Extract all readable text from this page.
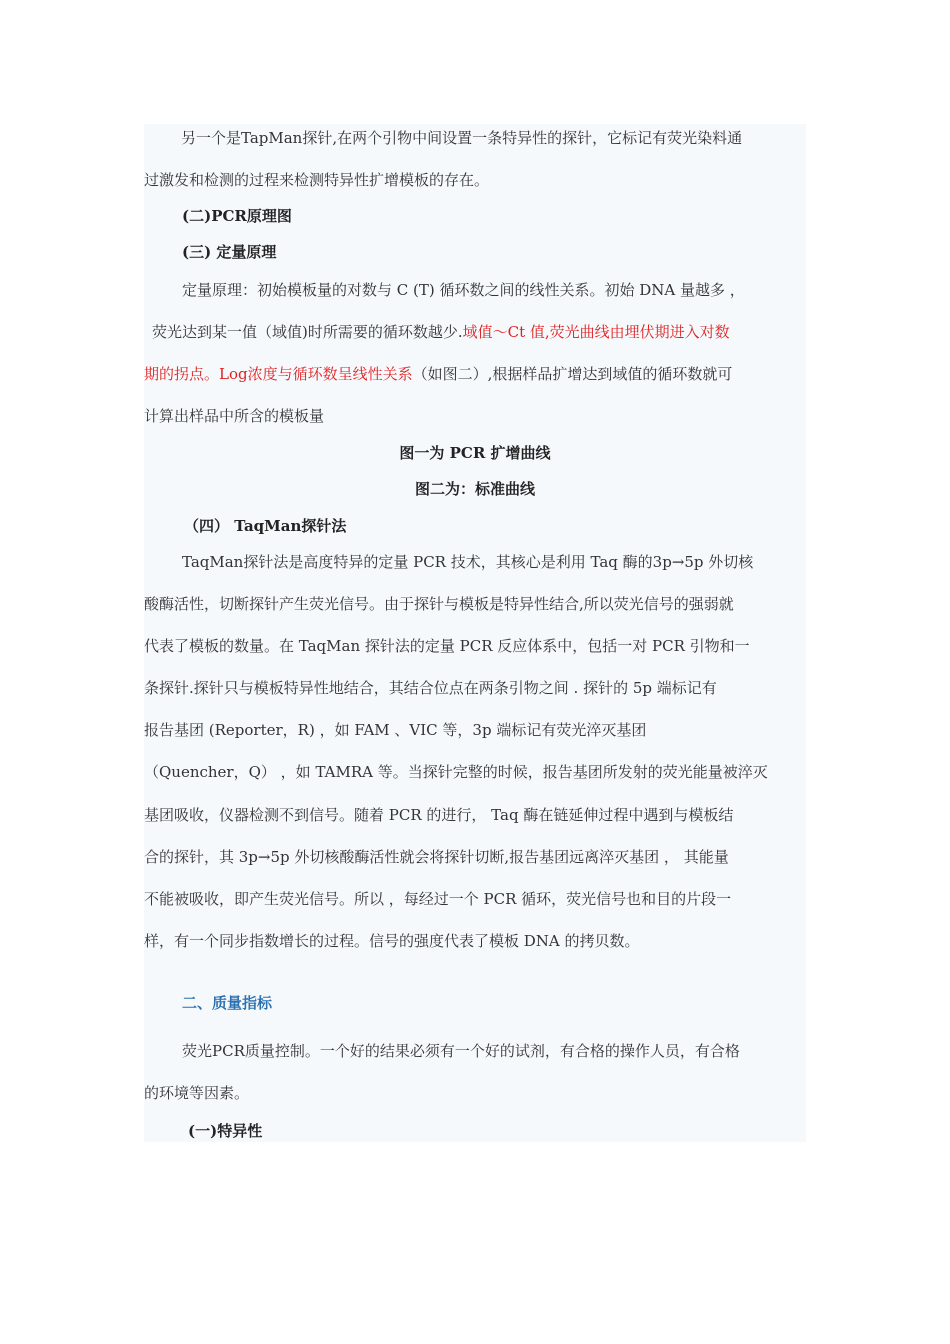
另一个是TapMan探针,在两个引物中间设置一条特异性的探针，它标记有荧光染料通
过激发和检测的过程来检测特异性扩增模板的存在。
(二)PCR原理图
(三) 定量原理
定量原理：初始模板量的对数与 C (T) 循环数之间的线性关系。初始 DNA 量越多 ，
荧光达到某一值（域值)时所需要的循环数越少.域值～Ct 值,荧光曲线由埋伏期进入对数
期的拐点。Log浓度与循环数呈线性关系（如图二）,根据样品扩增达到域值的循环数就可
计算出样品中所含的模板量
图一为 PCR 扩增曲线
图二为：标准曲线
（四） TaqMan探针法
TaqMan探针法是高度特异的定量 PCR 技术，其核心是利用 Taq 酶的3p→5p 外切核
酸酶活性，切断探针产生荧光信号。由于探针与模板是特异性结合,所以荧光信号的强弱就
代表了模板的数量。在 TaqMan 探针法的定量 PCR 反应体系中，包括一对 PCR 引物和一
条探针.探针只与模板特异性地结合，其结合位点在两条引物之间 . 探针的 5p 端标记有
报告基团 (Reporter，R) ，如 FAM 、VIC 等，3p 端标记有荧光淬灭基团
（Quencher，Q） ，如 TAMRA 等。当探针完整的时候，报告基团所发射的荧光能量被淬灭
基团吸收，仪器检测不到信号。随着 PCR 的进行， Taq 酶在链延伸过程中遇到与模板结
合的探针，其 3p→5p 外切核酸酶活性就会将探针切断,报告基团远离淬灭基团 ， 其能量
不能被吸收，即产生荧光信号。所以 ，每经过一个 PCR 循环，荧光信号也和目的片段一
样，有一个同步指数增长的过程。信号的强度代表了模板 DNA 的拷贝数。
二、质量指标
荧光PCR质量控制。一个好的结果必须有一个好的试剂，有合格的操作人员，有合格
的环境等因素。
(一)特异性
